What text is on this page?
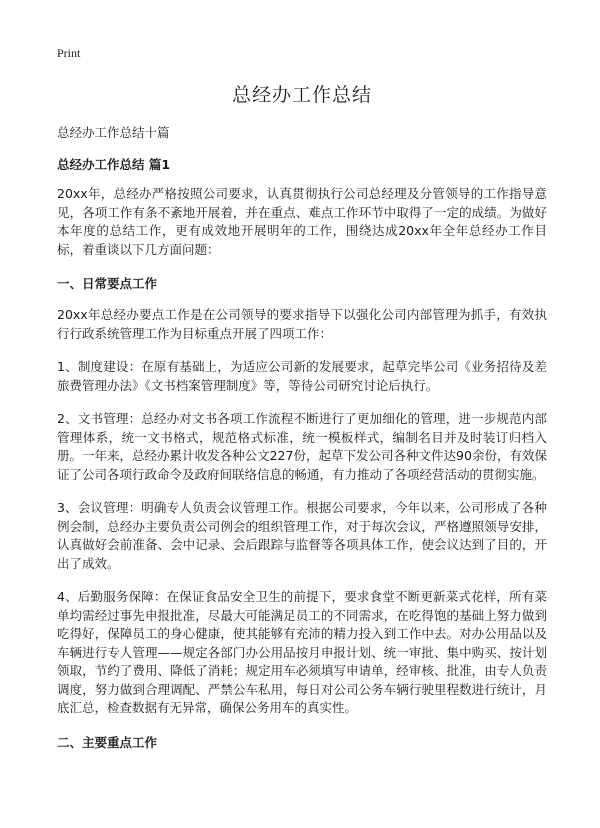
Print
总经办工作总结

总经办工作总结十篇

总经办工作总结 篇1

20xx年，总经办严格按照公司要求，认真贯彻执行公司总经理及分管领导的工作指导意见，各项工作有条不紊地开展着，并在重点、难点工作环节中取得了一定的成绩。为做好本年度的总结工作，更有成效地开展明年的工作，围绕达成20xx年全年总经办工作目标，着重谈以下几方面问题：

一、日常要点工作

20xx年总经办要点工作是在公司领导的要求指导下以强化公司内部管理为抓手，有效执行行政系统管理工作为目标重点开展了四项工作：

1、制度建设：在原有基础上，为适应公司新的发展要求，起草完毕公司《业务招待及差旅费管理办法》《文书档案管理制度》等，等待公司研究讨论后执行。

2、文书管理：总经办对文书各项工作流程不断进行了更加细化的管理，进一步规范内部管理体系，统一文书格式，规范格式标准，统一模板样式，编制名目并及时装订归档入册。一年来，总经办累计收发各种公文227份，起草下发公司各种文件达90余份，有效保证了公司各项行政命令及政府间联络信息的畅通，有力推动了各项经营活动的贯彻实施。

3、会议管理：明确专人负责会议管理工作。根据公司要求，今年以来，公司形成了各种例会制，总经办主要负责公司例会的组织管理工作，对于每次会议，严格遵照领导安排，认真做好会前准备、会中记录、会后跟踪与监督等各项具体工作，使会议达到了目的，开出了成效。

4、后勤服务保障：在保证食品安全卫生的前提下，要求食堂不断更新菜式花样，所有菜单均需经过事先申报批准，尽最大可能满足员工的不同需求，在吃得饱的基础上努力做到吃得好，保障员工的身心健康，使其能够有充沛的精力投入到工作中去。对办公用品以及车辆进行专人管理——规定各部门办公用品按月申报计划、统一审批、集中购买、按计划领取，节约了费用、降低了消耗；规定用车必须填写申请单，经审核、批准，由专人负责调度，努力做到合理调配、严禁公车私用，每日对公司公务车辆行驶里程数进行统计，月底汇总，检查数据有无异常，确保公务用车的真实性。

二、主要重点工作
